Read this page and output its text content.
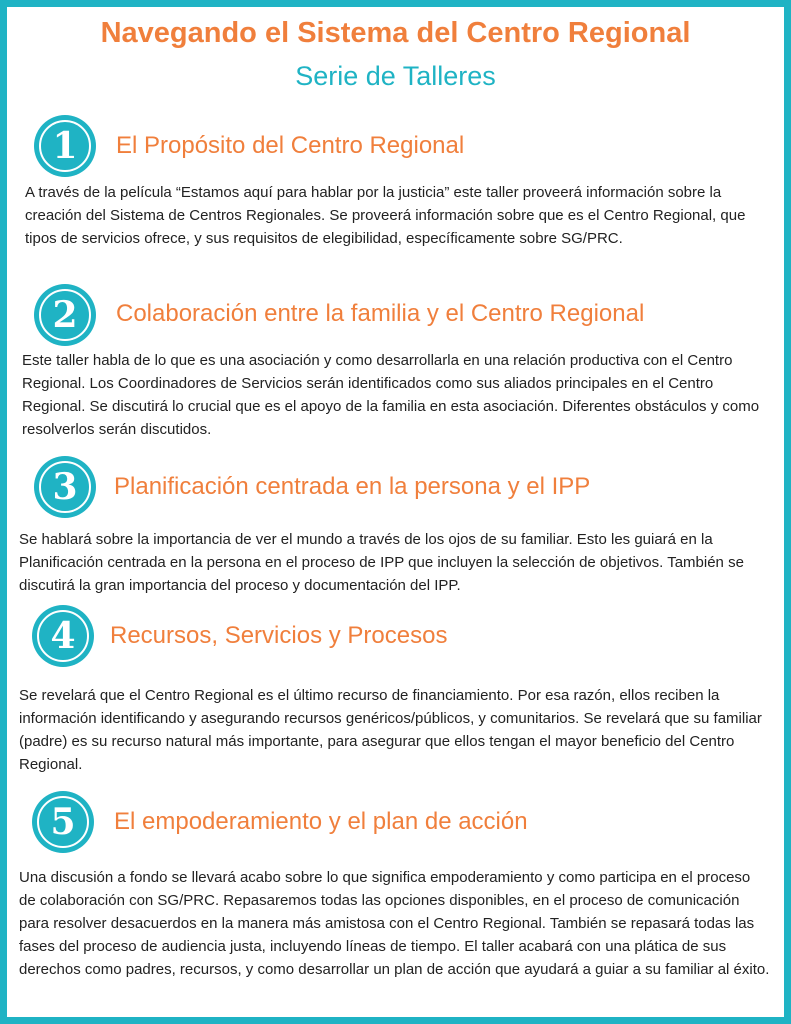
Navegando el Sistema del Centro Regional
Serie de Talleres
1	El Propósito del Centro Regional
A través de la película “Estamos aquí para hablar por la justicia” este taller proveerá información sobre la creación del Sistema de Centros Regionales. Se proveerá información sobre que es el Centro Regional, que tipos de servicios ofrece, y sus requisitos de elegibilidad, específicamente sobre SG/PRC.
2	Colaboración entre la familia y el Centro Regional
Este taller habla de lo que es una asociación y como desarrollarla en una relación productiva con el Centro Regional. Los Coordinadores de Servicios serán identificados como sus aliados principales en el Centro Regional. Se discutirá lo crucial que es el apoyo de la familia en esta asociación. Diferentes obstáculos y como resolverlos serán discutidos.
3	Planificación centrada en la persona y el IPP
Se hablará sobre la importancia de ver el mundo a través de los ojos de su familiar. Esto les guiará en la Planificación centrada en la persona en el proceso de IPP que incluyen la selección de objetivos. También se discutirá la gran importancia del proceso y documentación del IPP.
4	Recursos, Servicios y Procesos
Se revelará que el Centro Regional es el último recurso de financiamiento. Por esa razón, ellos reciben la información identificando y asegurando recursos genéricos/públicos, y comunitarios. Se revelará que su familiar (padre) es su recurso natural más importante, para asegurar que ellos tengan el mayor beneficio del Centro Regional.
5	El empoderamiento y el plan de acción
Una discusión a fondo se llevará acabo sobre lo que significa empoderamiento y como participa en el proceso de colaboración con SG/PRC. Repasaremos todas las opciones disponibles, en el proceso de comunicación para resolver desacuerdos en la manera más amistosa con el Centro Regional. También se repasará todas las fases del proceso de audiencia justa, incluyendo líneas de tiempo. El taller acabará con una plática de sus derechos como padres, recursos, y como desarrollar un plan de acción que ayudará a guiar a su familiar al éxito.
